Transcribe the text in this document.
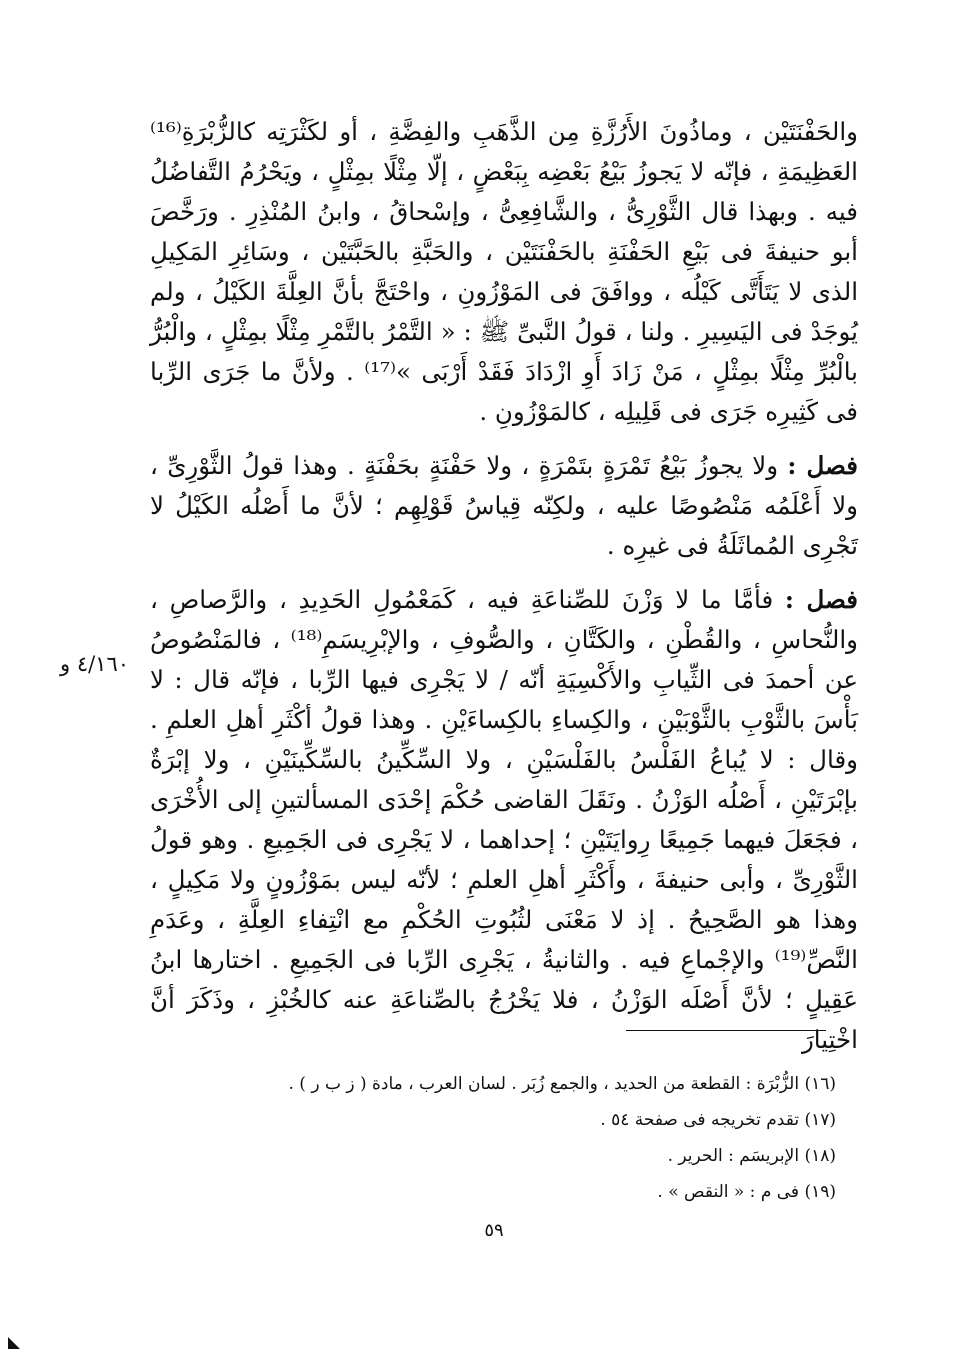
والحَفْنَتَيْن ، وماذُونَ الأَرُزَّةِ مِن الذَّهَبِ والفِضَّةِ ، أو لكَثْرَتِه كالزُّبْرَةِ⁽¹⁶⁾ العَظِيمَةِ ، فإنّه لا يَجوزُ بَيْعُ بَعْضِه بِبَعْضٍ ، إلّا مِثْلًا بمِثْلٍ ، ويَحْرُمُ التَّفاضُلُ فيه . وبهذا قال الثَّوْرِىُّ ، والشَّافِعِىُّ ، وإسْحاقُ ، وابنُ المُنْذِرِ . ورَخَّصَ أبو حنيفةَ فى بَيْعِ الحَفْنَةِ بالحَفْنَتَيْن ، والحَبَّةِ بالحَبَّتَيْن ، وسَائِرِ المَكِيلِ الذى لا يَتَأَتَّى كَيْلُه ، ووافَقَ فى المَوْزُونِ ، واحْتَجَّ بأنَّ العِلَّةَ الكَيْلُ ، ولم يُوجَدْ فى اليَسِيرِ . ولنا ، قولُ النَّبىِّ ﷺ : « التَّمْرُ بالتَّمْرِ مِثْلًا بمِثْلٍ ، والْبُرُّ بالْبُرِّ مِثْلًا بمِثْلٍ ، مَنْ زَادَ أَوِ ازْدَادَ فَقَدْ أَرْبَى »⁽¹⁷⁾ . ولأنَّ ما جَرَى الرِّبا فى كَثِيرِه جَرَى فى قَلِيلِه ، كالمَوْزُونِ .

فصل : ولا يجوزُ بَيْعُ تَمْرَةٍ بتَمْرَةٍ ، ولا حَفْنَةٍ بحَفْنَةٍ . وهذا قولُ الثَّوْرِىِّ ، ولا أَعْلَمُه مَنْصُوصًا عليه ، ولكِنّه قِياسُ قَوْلِهِم ؛ لأنَّ ما أَصْلُه الكَيْلُ لا تَجْرِى المُماثَلَةُ فى غيرِه .

فصل : فأمَّا ما لا وَزْنَ للصِّناعَةِ فيه ، كَمَعْمُولِ الحَدِيدِ ، والرَّصاصِ ، والنُّحاسِ ، والقُطْنِ ، والكَتَّانِ ، والصُّوفِ ، والإبْرِيسَمِ⁽¹⁸⁾ ، فالمَنْصُوصُ عن أحمدَ فى الثِّيابِ والأَكْسِيَةِ أنّه / لا يَجْرِى فيها الرِّبا ، فإنّه قال : لا بَأْسَ بالثَّوْبِ بالثَّوْبَيْنِ ، والكِساءِ بالكِساءَيْنِ . وهذا قولُ أكْثَرِ أهلِ العلمِ . وقال : لا يُباعُ الفَلْسُ بالفَلْسَيْنِ ، ولا السِّكِّينُ بالسِّكِّينَيْنِ ، ولا إبْرَةٌ بإبْرَتَيْنِ ، أَصْلُه الوَزْنُ . ونَقَلَ القاضى حُكْمَ إحْدَى المسألتينِ إلى الأُخْرَى ، فجَعَلَ فيهما جَمِيعًا رِوايَتَيْنِ ؛ إحداهما ، لا يَجْرِى فى الجَمِيعِ . وهو قولُ الثَّوْرِىِّ ، وأبى حنيفةَ ، وأَكْثَرِ أهلِ العلمِ ؛ لأنّه ليس بمَوْزُونٍ ولا مَكِيلٍ ، وهذا هو الصَّحِيحُ . إذ لا مَعْنَى لثُبُوتِ الحُكْمِ مع انْتِفاءِ العِلَّةِ ، وعَدَمِ النَّصِّ⁽¹⁹⁾ والإجْماعِ فيه . والثانيةُ ، يَجْرِى الرِّبا فى الجَمِيعِ . اختارها ابنُ عَقِيلٍ ؛ لأنَّ أَصْلَه الوَزْنُ ، فلا يَخْرُجُ بالصِّناعَةِ عنه كالخُبْزِ ، وذَكَرَ أنَّ اخْتِيارَ

٤/١٦٠ و

(١٦) الزُّبْرَة : القطعة من الحديد ، والجمع زُبَر . لسان العرب ، مادة ( ز ب ر ) .

(١٧) تقدم تخريجه فى صفحة ٥٤ .

(١٨) الإبريسَم : الحرير .

(١٩) فى م : « النقص » .

٥٩
